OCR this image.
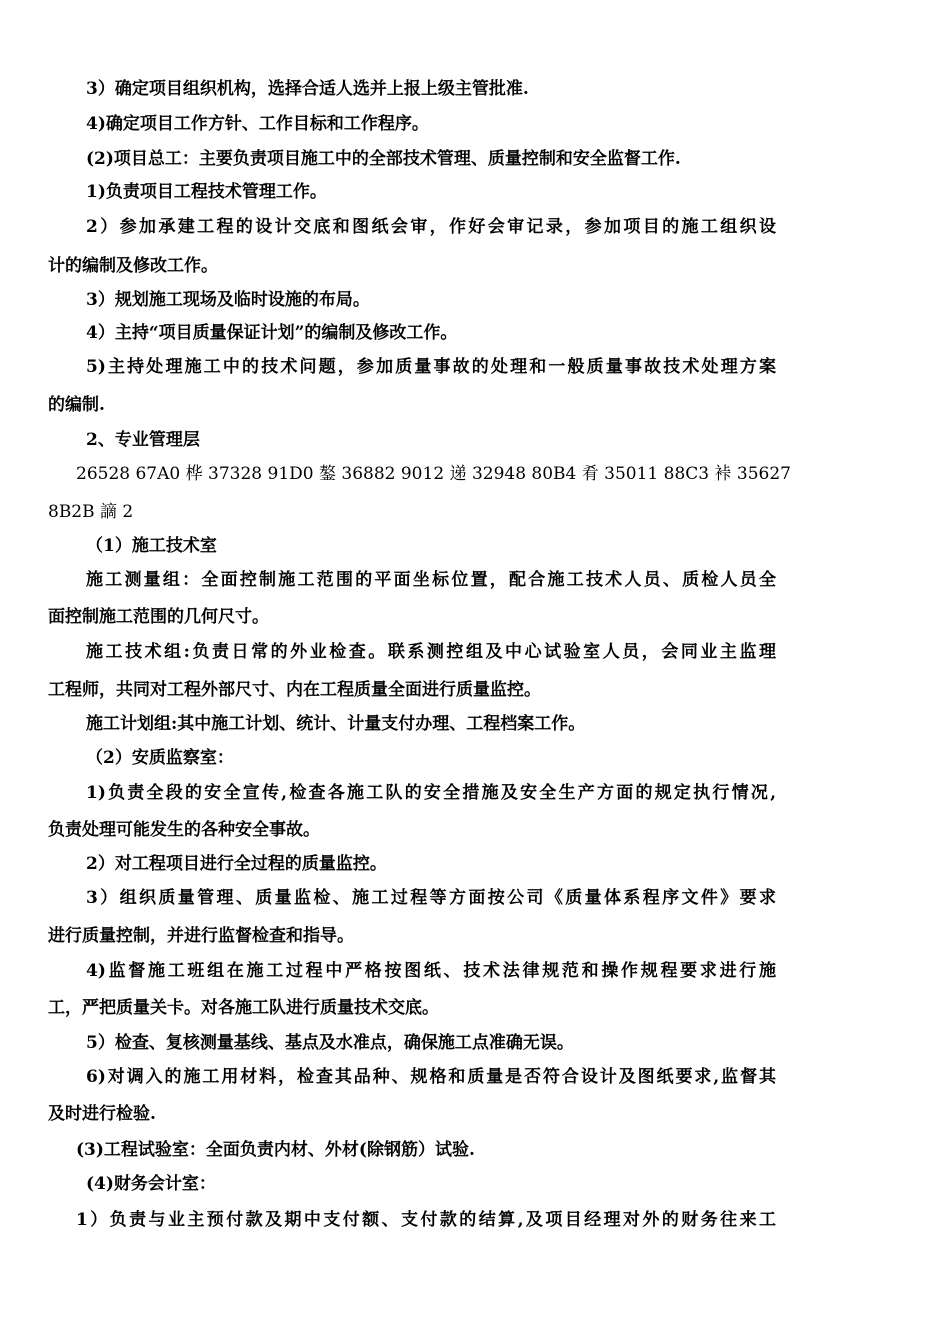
3）确定项目组织机构，选择合适人选并上报上级主管批准.
4)确定项目工作方针、工作目标和工作程序。
(2)项目总工：主要负责项目施工中的全部技术管理、质量控制和安全监督工作.
1)负责项目工程技术管理工作。
2）参加承建工程的设计交底和图纸会审，作好会审记录，参加项目的施工组织设
计的编制及修改工作。
3）规划施工现场及临时设施的布局。
4）主持“项目质量保证计划”的编制及修改工作。
5)主持处理施工中的技术问题，参加质量事故的处理和一般质量事故技术处理方案
的编制.
2、专业管理层
26528 67A0 桦 37328 91D0 鏊 36882 9012 递 32948 80B4 肴 35011 88C3 裃 35627
8B2B 謫 2
（1）施工技术室
施工测量组：全面控制施工范围的平面坐标位置，配合施工技术人员、质检人员全
面控制施工范围的几何尺寸。
施工技术组:负责日常的外业检查。联系测控组及中心试验室人员，会同业主监理
工程师，共同对工程外部尺寸、内在工程质量全面进行质量监控。
施工计划组:其中施工计划、统计、计量支付办理、工程档案工作。
（2）安质监察室：
1)负责全段的安全宣传,检查各施工队的安全措施及安全生产方面的规定执行情况,
负责处理可能发生的各种安全事故。
2）对工程项目进行全过程的质量监控。
3）组织质量管理、质量监检、施工过程等方面按公司《质量体系程序文件》要求
进行质量控制，并进行监督检查和指导。
4)监督施工班组在施工过程中严格按图纸、技术法律规范和操作规程要求进行施
工，严把质量关卡。对各施工队进行质量技术交底。
5）检查、复核测量基线、基点及水准点，确保施工点准确无误。
6)对调入的施工用材料，检查其品种、规格和质量是否符合设计及图纸要求,监督其
及时进行检验.
(3)工程试验室：全面负责内材、外材(除钢筋）试验.
(4)财务会计室：
1）负责与业主预付款及期中支付额、支付款的结算,及项目经理对外的财务往来工
